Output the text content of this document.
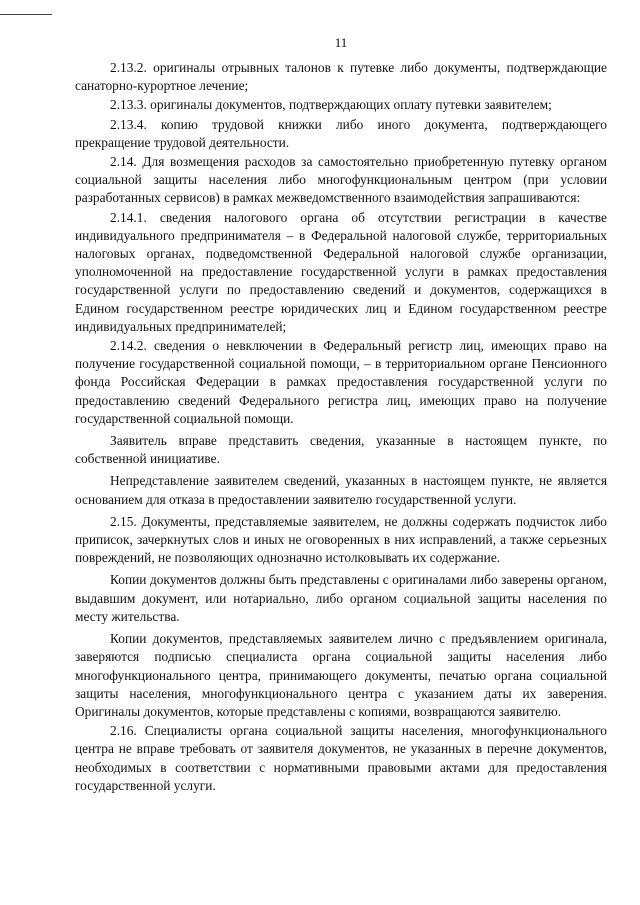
11

2.13.2. оригиналы отрывных талонов к путевке либо документы, подтверждающие санаторно-курортное лечение;

2.13.3. оригиналы документов, подтверждающих оплату путевки заявителем;

2.13.4. копию трудовой книжки либо иного документа, подтверждающего прекращение трудовой деятельности.

2.14. Для возмещения расходов за самостоятельно приобретенную путевку органом социальной защиты населения либо многофункциональным центром (при условии разработанных сервисов) в рамках межведомственного взаимодействия запрашиваются:

2.14.1. сведения налогового органа об отсутствии регистрации в качестве индивидуального предпринимателя – в Федеральной налоговой службе, территориальных налоговых органах, подведомственной Федеральной налоговой службе организации, уполномоченной на предоставление государственной услуги в рамках предоставления государственной услуги по предоставлению сведений и документов, содержащихся в Едином государственном реестре юридических лиц и Едином государственном реестре индивидуальных предпринимателей;

2.14.2. сведения о невключении в Федеральный регистр лиц, имеющих право на получение государственной социальной помощи, – в территориальном органе Пенсионного фонда Российская Федерации в рамках предоставления государственной услуги по предоставлению сведений Федерального регистра лиц, имеющих право на получение государственной социальной помощи.

Заявитель вправе представить сведения, указанные в настоящем пункте, по собственной инициативе.

Непредставление заявителем сведений, указанных в настоящем пункте, не является основанием для отказа в предоставлении заявителю государственной услуги.

2.15. Документы, представляемые заявителем, не должны содержать подчисток либо приписок, зачеркнутых слов и иных не оговоренных в них исправлений, а также серьезных повреждений, не позволяющих однозначно истолковывать их содержание.

Копии документов должны быть представлены с оригиналами либо заверены органом, выдавшим документ, или нотариально, либо органом социальной защиты населения по месту жительства.

Копии документов, представляемых заявителем лично с предъявлением оригинала, заверяются подписью специалиста органа социальной защиты населения либо многофункционального центра, принимающего документы, печатью органа социальной защиты населения, многофункционального центра с указанием даты их заверения. Оригиналы документов, которые представлены с копиями, возвращаются заявителю.

2.16. Специалисты органа социальной защиты населения, многофункционального центра не вправе требовать от заявителя документов, не указанных в перечне документов, необходимых в соответствии с нормативными правовыми актами для предоставления государственной услуги.
